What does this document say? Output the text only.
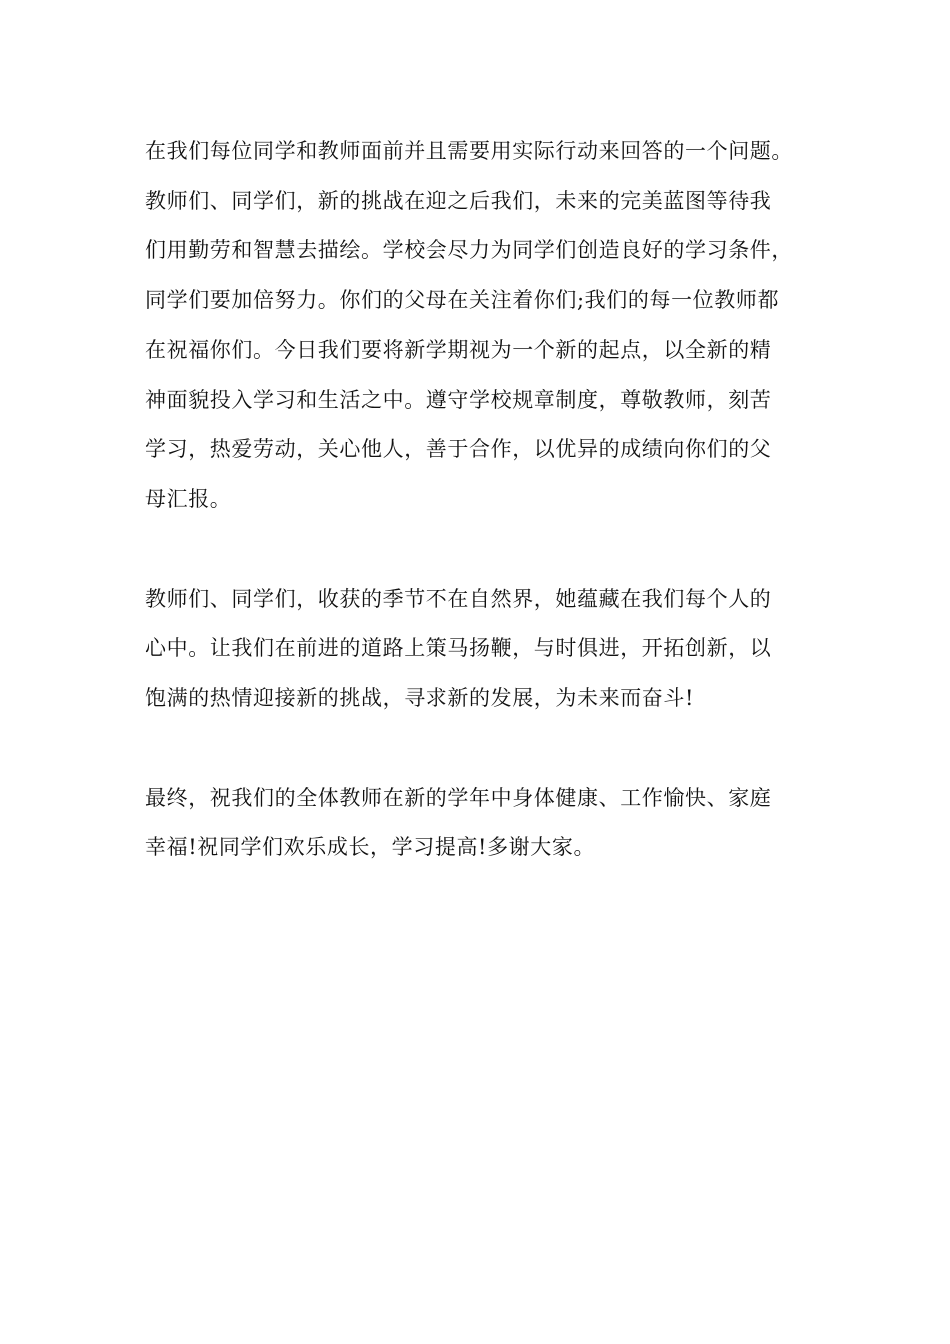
在我们每位同学和教师面前并且需要用实际行动来回答的一个问题。
教师们、同学们，新的挑战在迎之后我们，未来的完美蓝图等待我
们用勤劳和智慧去描绘。学校会尽力为同学们创造良好的学习条件，
同学们要加倍努力。你们的父母在关注着你们;我们的每一位教师都
在祝福你们。今日我们要将新学期视为一个新的起点，以全新的精
神面貌投入学习和生活之中。遵守学校规章制度，尊敬教师，刻苦
学习，热爱劳动，关心他人，善于合作，以优异的成绩向你们的父
母汇报。
教师们、同学们，收获的季节不在自然界，她蕴藏在我们每个人的
心中。让我们在前进的道路上策马扬鞭，与时俱进，开拓创新，以
饱满的热情迎接新的挑战，寻求新的发展，为未来而奋斗!
最终，祝我们的全体教师在新的学年中身体健康、工作愉快、家庭
幸福!祝同学们欢乐成长，学习提高!多谢大家。
